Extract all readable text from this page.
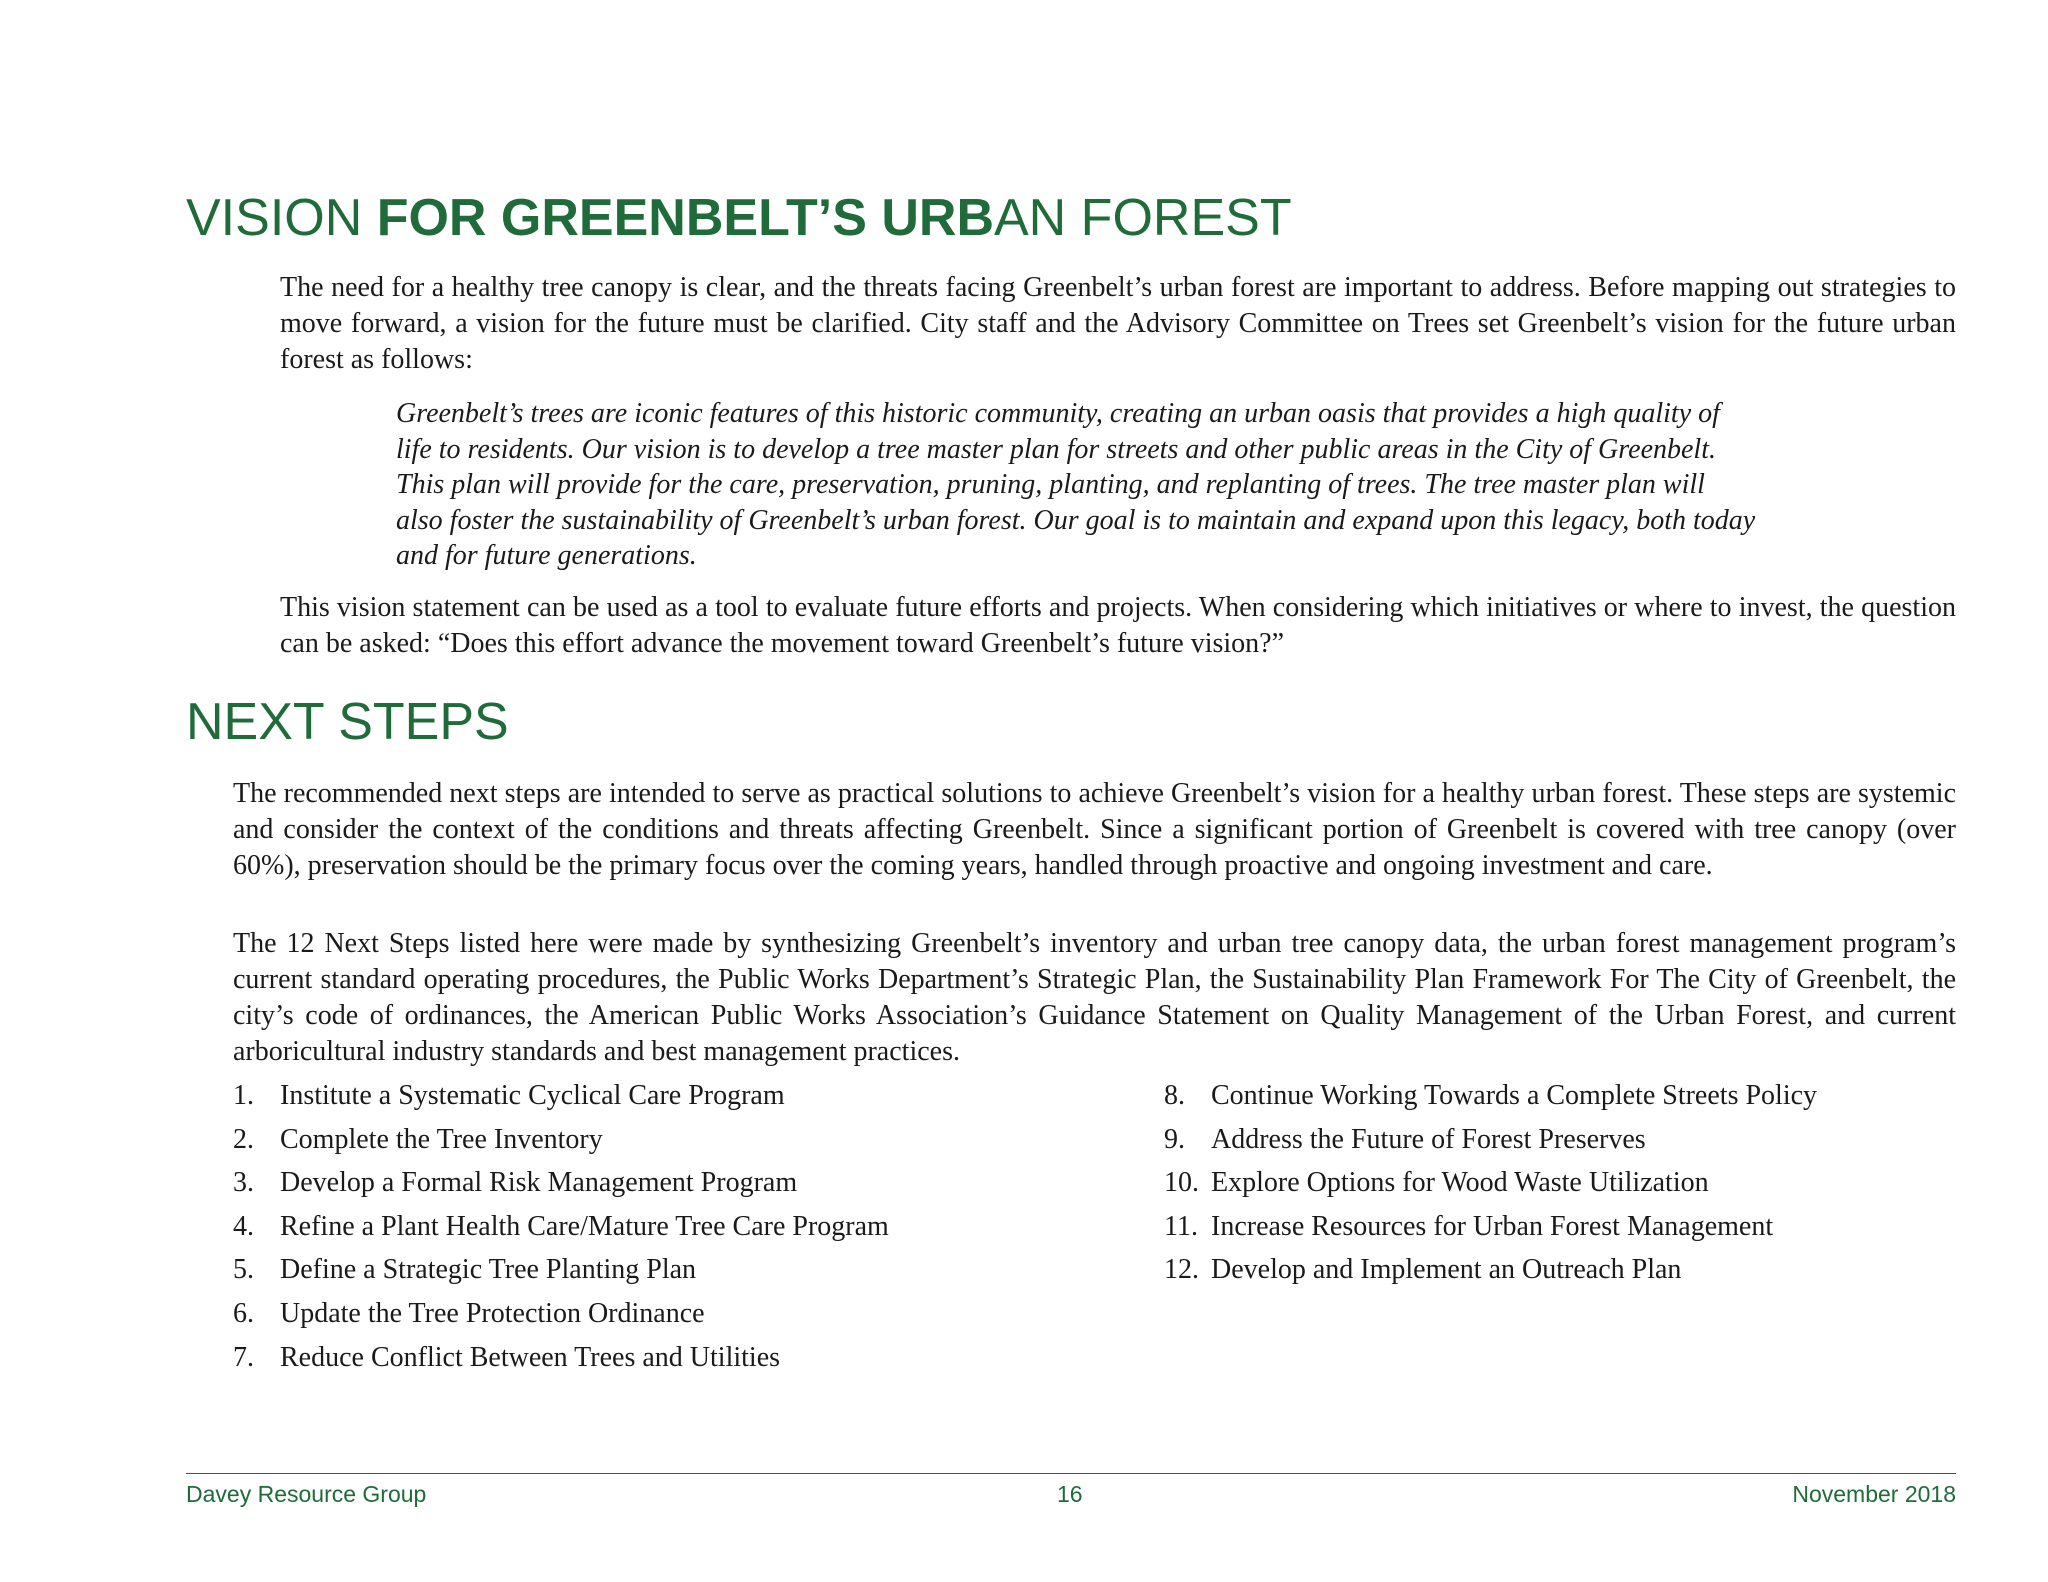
VISION FOR GREENBELT’S URBAN FOREST

The need for a healthy tree canopy is clear, and the threats facing Greenbelt’s urban forest are important to address. Before mapping out strategies to move forward, a vision for the future must be clarified. City staff and the Advisory Committee on Trees set Greenbelt’s vision for the future urban forest as follows:

Greenbelt’s trees are iconic features of this historic community, creating an urban oasis that provides a high quality of life to residents. Our vision is to develop a tree master plan for streets and other public areas in the City of Greenbelt. This plan will provide for the care, preservation, pruning, planting, and replanting of trees. The tree master plan will also foster the sustainability of Greenbelt’s urban forest. Our goal is to maintain and expand upon this legacy, both today and for future generations.

This vision statement can be used as a tool to evaluate future efforts and projects. When considering which initiatives or where to invest, the question can be asked: “Does this effort advance the movement toward Greenbelt’s future vision?”

NEXT STEPS

The recommended next steps are intended to serve as practical solutions to achieve Greenbelt’s vision for a healthy urban forest. These steps are systemic and consider the context of the conditions and threats affecting Greenbelt. Since a significant portion of Greenbelt is covered with tree canopy (over 60%), preservation should be the primary focus over the coming years, handled through proactive and ongoing investment and care.

The 12 Next Steps listed here were made by synthesizing Greenbelt’s inventory and urban tree canopy data, the urban forest management program’s current standard operating procedures, the Public Works Department’s Strategic Plan, the Sustainability Plan Framework For The City of Greenbelt, the city’s code of ordinances, the American Public Works Association’s Guidance Statement on Quality Management of the Urban Forest, and current arboricultural industry standards and best management practices.

1. Institute a Systematic Cyclical Care Program
2. Complete the Tree Inventory
3. Develop a Formal Risk Management Program
4. Refine a Plant Health Care/Mature Tree Care Program
5. Define a Strategic Tree Planting Plan
6. Update the Tree Protection Ordinance
7. Reduce Conflict Between Trees and Utilities
8. Continue Working Towards a Complete Streets Policy
9. Address the Future of Forest Preserves
10. Explore Options for Wood Waste Utilization
11. Increase Resources for Urban Forest Management
12. Develop and Implement an Outreach Plan
Davey Resource Group	16	November 2018
